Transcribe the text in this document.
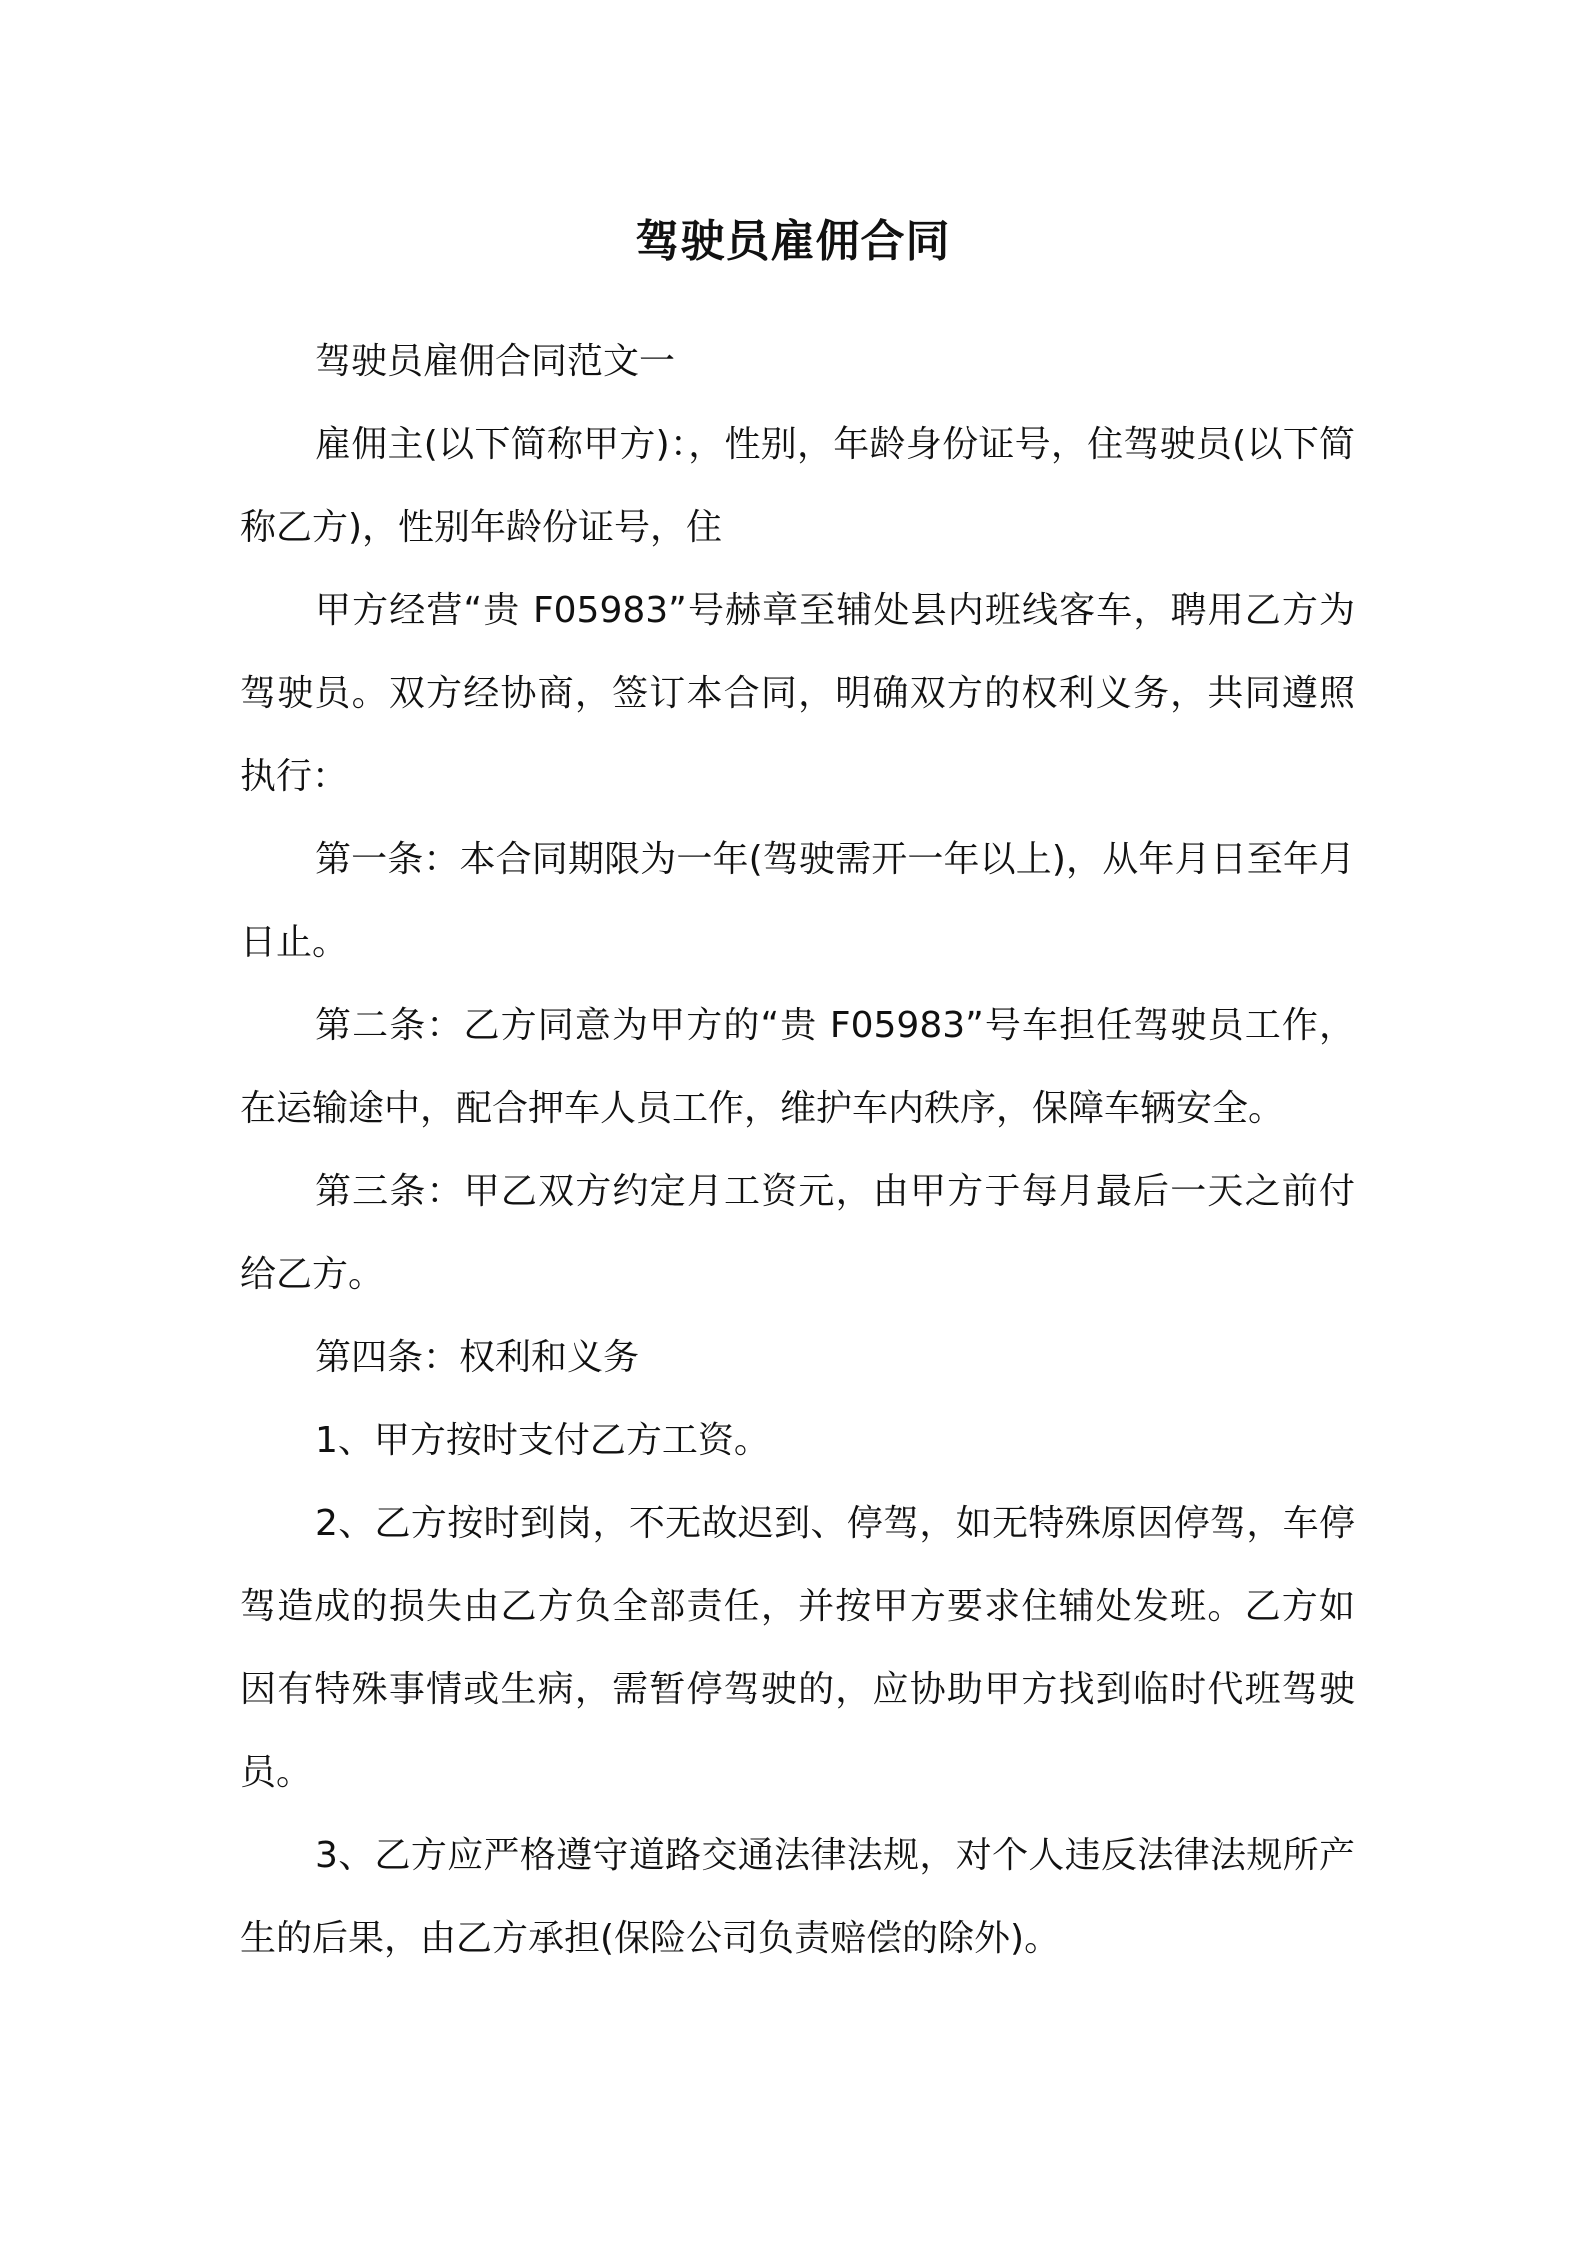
驾驶员雇佣合同

驾驶员雇佣合同范文一

雇佣主(以下简称甲方)：，性别，年龄身份证号，住驾驶员(以下简称乙方)，性别年龄份证号，住

甲方经营“贵 F05983”号赫章至辅处县内班线客车，聘用乙方为驾驶员。双方经协商，签订本合同，明确双方的权利义务，共同遵照执行：

第一条：本合同期限为一年(驾驶需开一年以上)，从年月日至年月日止。

第二条：乙方同意为甲方的“贵 F05983”号车担任驾驶员工作，在运输途中，配合押车人员工作，维护车内秩序，保障车辆安全。

第三条：甲乙双方约定月工资元，由甲方于每月最后一天之前付给乙方。

第四条：权利和义务

1、甲方按时支付乙方工资。

2、乙方按时到岗，不无故迟到、停驾，如无特殊原因停驾，车停驾造成的损失由乙方负全部责任，并按甲方要求住辅处发班。乙方如因有特殊事情或生病，需暂停驾驶的，应协助甲方找到临时代班驾驶员。

3、乙方应严格遵守道路交通法律法规，对个人违反法律法规所产生的后果，由乙方承担(保险公司负责赔偿的除外)。
